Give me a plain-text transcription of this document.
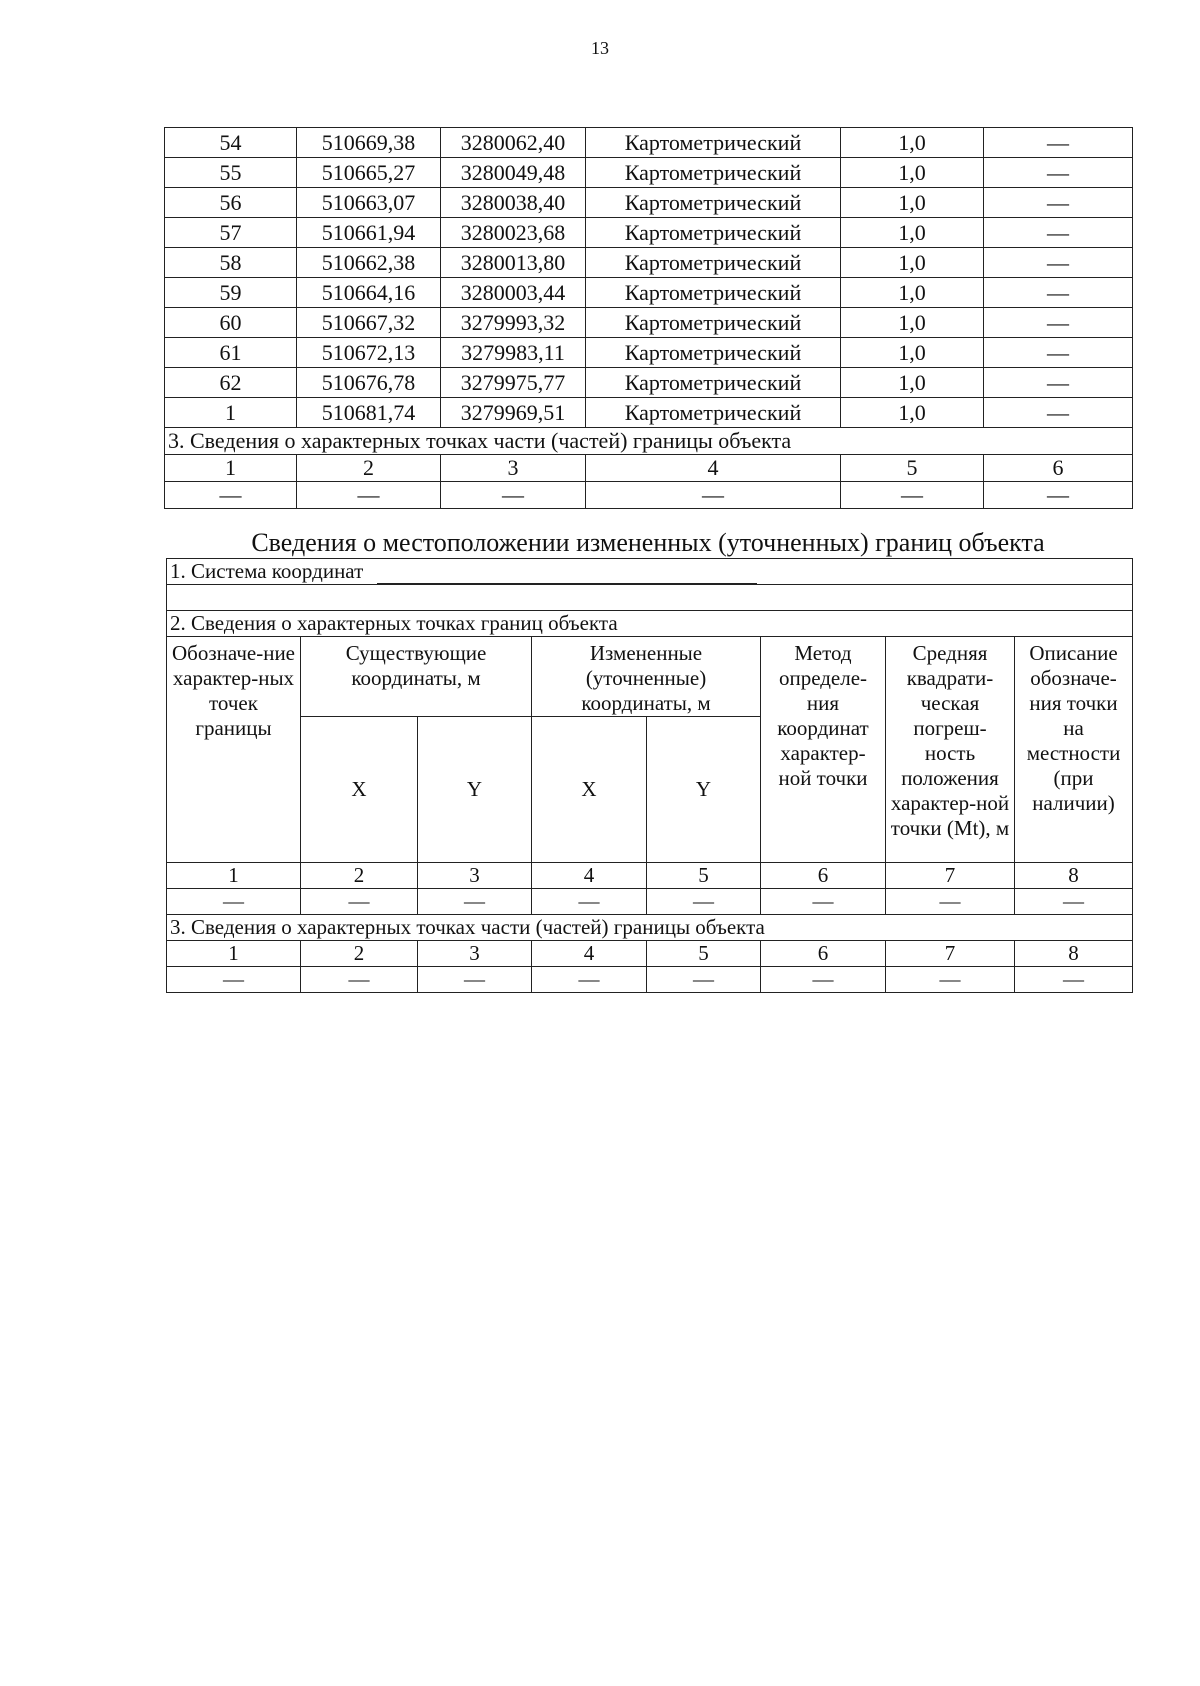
13
54	510669,38	3280062,40	Картометрический	1,0	—
55	510665,27	3280049,48	Картометрический	1,0	—
56	510663,07	3280038,40	Картометрический	1,0	—
57	510661,94	3280023,68	Картометрический	1,0	—
58	510662,38	3280013,80	Картометрический	1,0	—
59	510664,16	3280003,44	Картометрический	1,0	—
60	510667,32	3279993,32	Картометрический	1,0	—
61	510672,13	3279983,11	Картометрический	1,0	—
62	510676,78	3279975,77	Картометрический	1,0	—
1	510681,74	3279969,51	Картометрический	1,0	—
3. Сведения о характерных точках части (частей) границы объекта					
1	2	3	4	5	6
—	—	—	—	—	—
Сведения о местоположении измененных (уточненных) границ объекта
1. Система координат							

2. Сведения о характерных точках границ объекта							
Обозначе-ние характер-ных точек границы	Существующие координаты, м		Измененные (уточненные) координаты, м		Метод определе-ния координат характер-ной точки	Средняя квадрати-ческая погреш-ность положения характер-ной точки (Mt), м	Описание обозначе-ния точки на местности (при наличии)
	X	Y	X	Y			
1	2	3	4	5	6	7	8
—	—	—	—	—	—	—	—
3. Сведения о характерных точках части (частей) границы объекта							
1	2	3	4	5	6	7	8
—	—	—	—	—	—	—	—
